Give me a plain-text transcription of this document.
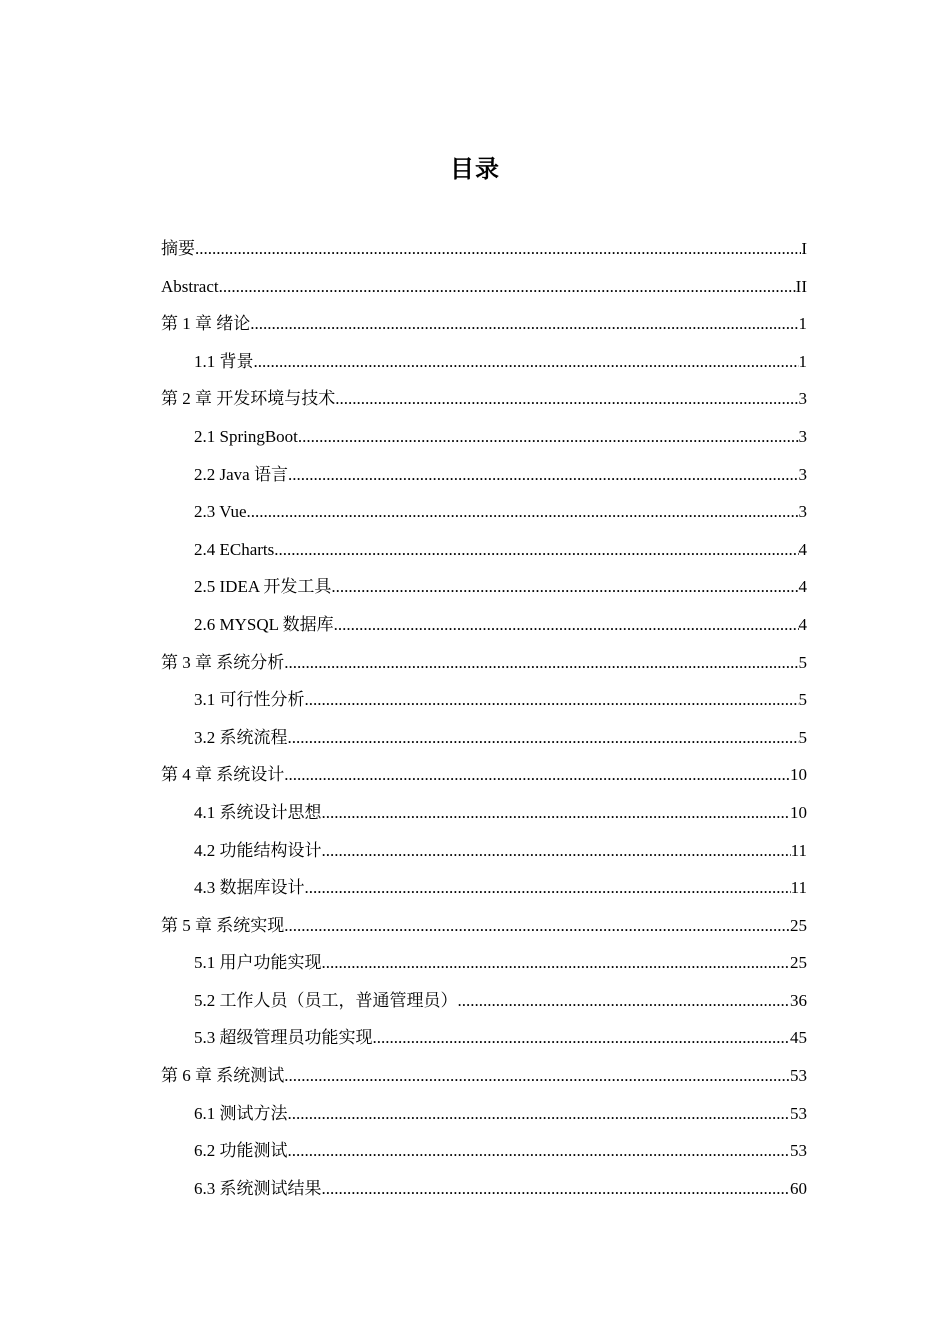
目录
摘要 .....	I
Abstract .....	II
第 1 章 绪论 .....	1
1.1 背景 .....	1
第 2 章 开发环境与技术 .....	3
2.1 SpringBoot .....	3
2.2 Java 语言 .....	3
2.3 Vue .....	3
2.4 ECharts .....	4
2.5 IDEA 开发工具 .....	4
2.6 MYSQL 数据库 .....	4
第 3 章 系统分析 .....	5
3.1 可行性分析 .....	5
3.2 系统流程 .....	5
第 4 章 系统设计 .....	10
4.1 系统设计思想 .....	10
4.2 功能结构设计 .....	11
4.3 数据库设计 .....	11
第 5 章 系统实现 .....	25
5.1 用户功能实现 .....	25
5.2 工作人员（员工，普通管理员） .....	36
5.3 超级管理员功能实现 .....	45
第 6 章 系统测试 .....	53
6.1 测试方法 .....	53
6.2 功能测试 .....	53
6.3 系统测试结果 .....	60
